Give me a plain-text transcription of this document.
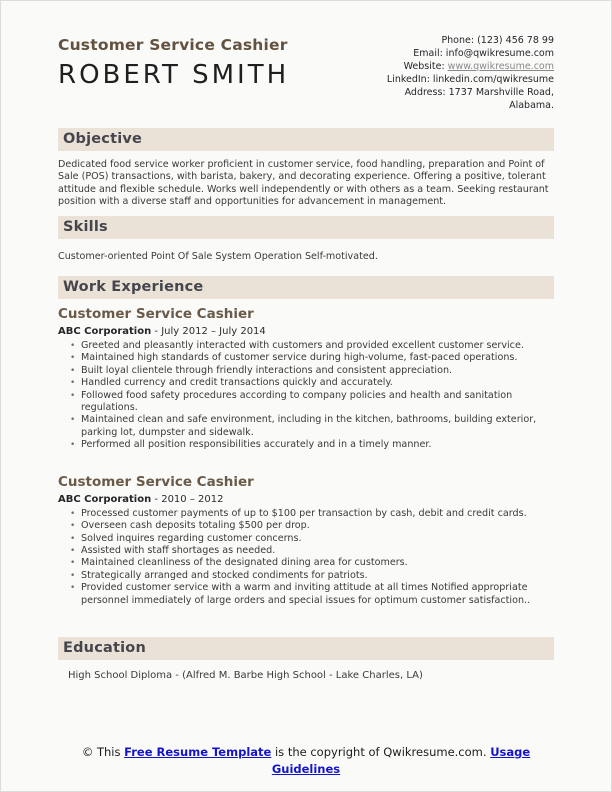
Customer Service Cashier
ROBERT SMITH
Phone: (123) 456 78 99
Email: info@qwikresume.com
Website: www.qwikresume.com
LinkedIn: linkedin.com/qwikresume
Address: 1737 Marshville Road, Alabama.
Objective

Dedicated food service worker proficient in customer service, food handling, preparation and Point of Sale (POS) transactions, with barista, bakery, and decorating experience. Offering a positive, tolerant attitude and flexible schedule. Works well independently or with others as a team. Seeking restaurant position with a diverse staff and opportunities for advancement in management.

Skills

Customer-oriented Point Of Sale System Operation Self-motivated.

Work Experience
Customer Service Cashier
ABC Corporation - July 2012 – July 2014
• Greeted and pleasantly interacted with customers and provided excellent customer service.
• Maintained high standards of customer service during high-volume, fast-paced operations.
• Built loyal clientele through friendly interactions and consistent appreciation.
• Handled currency and credit transactions quickly and accurately.
• Followed food safety procedures according to company policies and health and sanitation regulations.
• Maintained clean and safe environment, including in the kitchen, bathrooms, building exterior, parking lot, dumpster and sidewalk.
• Performed all position responsibilities accurately and in a timely manner.
Customer Service Cashier
ABC Corporation - 2010 – 2012
• Processed customer payments of up to $100 per transaction by cash, debit and credit cards.
• Overseen cash deposits totaling $500 per drop.
• Solved inquires regarding customer concerns.
• Assisted with staff shortages as needed.
• Maintained cleanliness of the designated dining area for customers.
• Strategically arranged and stocked condiments for patriots.
• Provided customer service with a warm and inviting attitude at all times Notified appropriate personnel immediately of large orders and special issues for optimum customer satisfaction..
Education

High School Diploma - (Alfred M. Barbe High School - Lake Charles, LA)

© This Free Resume Template is the copyright of Qwikresume.com. Usage Guidelines
